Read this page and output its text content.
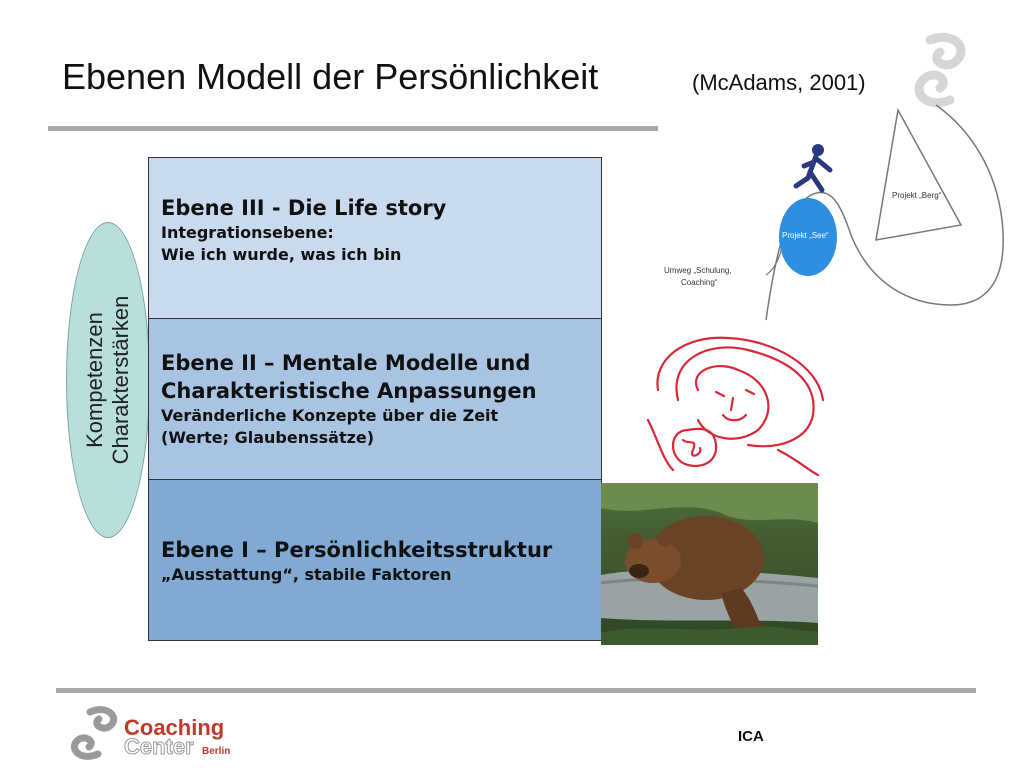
Ebenen Modell der Persönlichkeit	(McAdams, 2001)
Kompetenzen Charakterstärken
Ebene III - Die Life story

Integrationsebene:

Wie ich wurde, was ich bin

Ebene II – Mentale Modelle und Charakteristische Anpassungen

Veränderliche Konzepte über die Zeit

(Werte; Glaubenssätze)

Ebene I – Persönlichkeitsstruktur

„Ausstattung“, stabile Faktoren

Projekt „Berg“
Projekt „See“
Umweg „Schulung,
Coaching“
Coaching
Center Berlin
ICA
